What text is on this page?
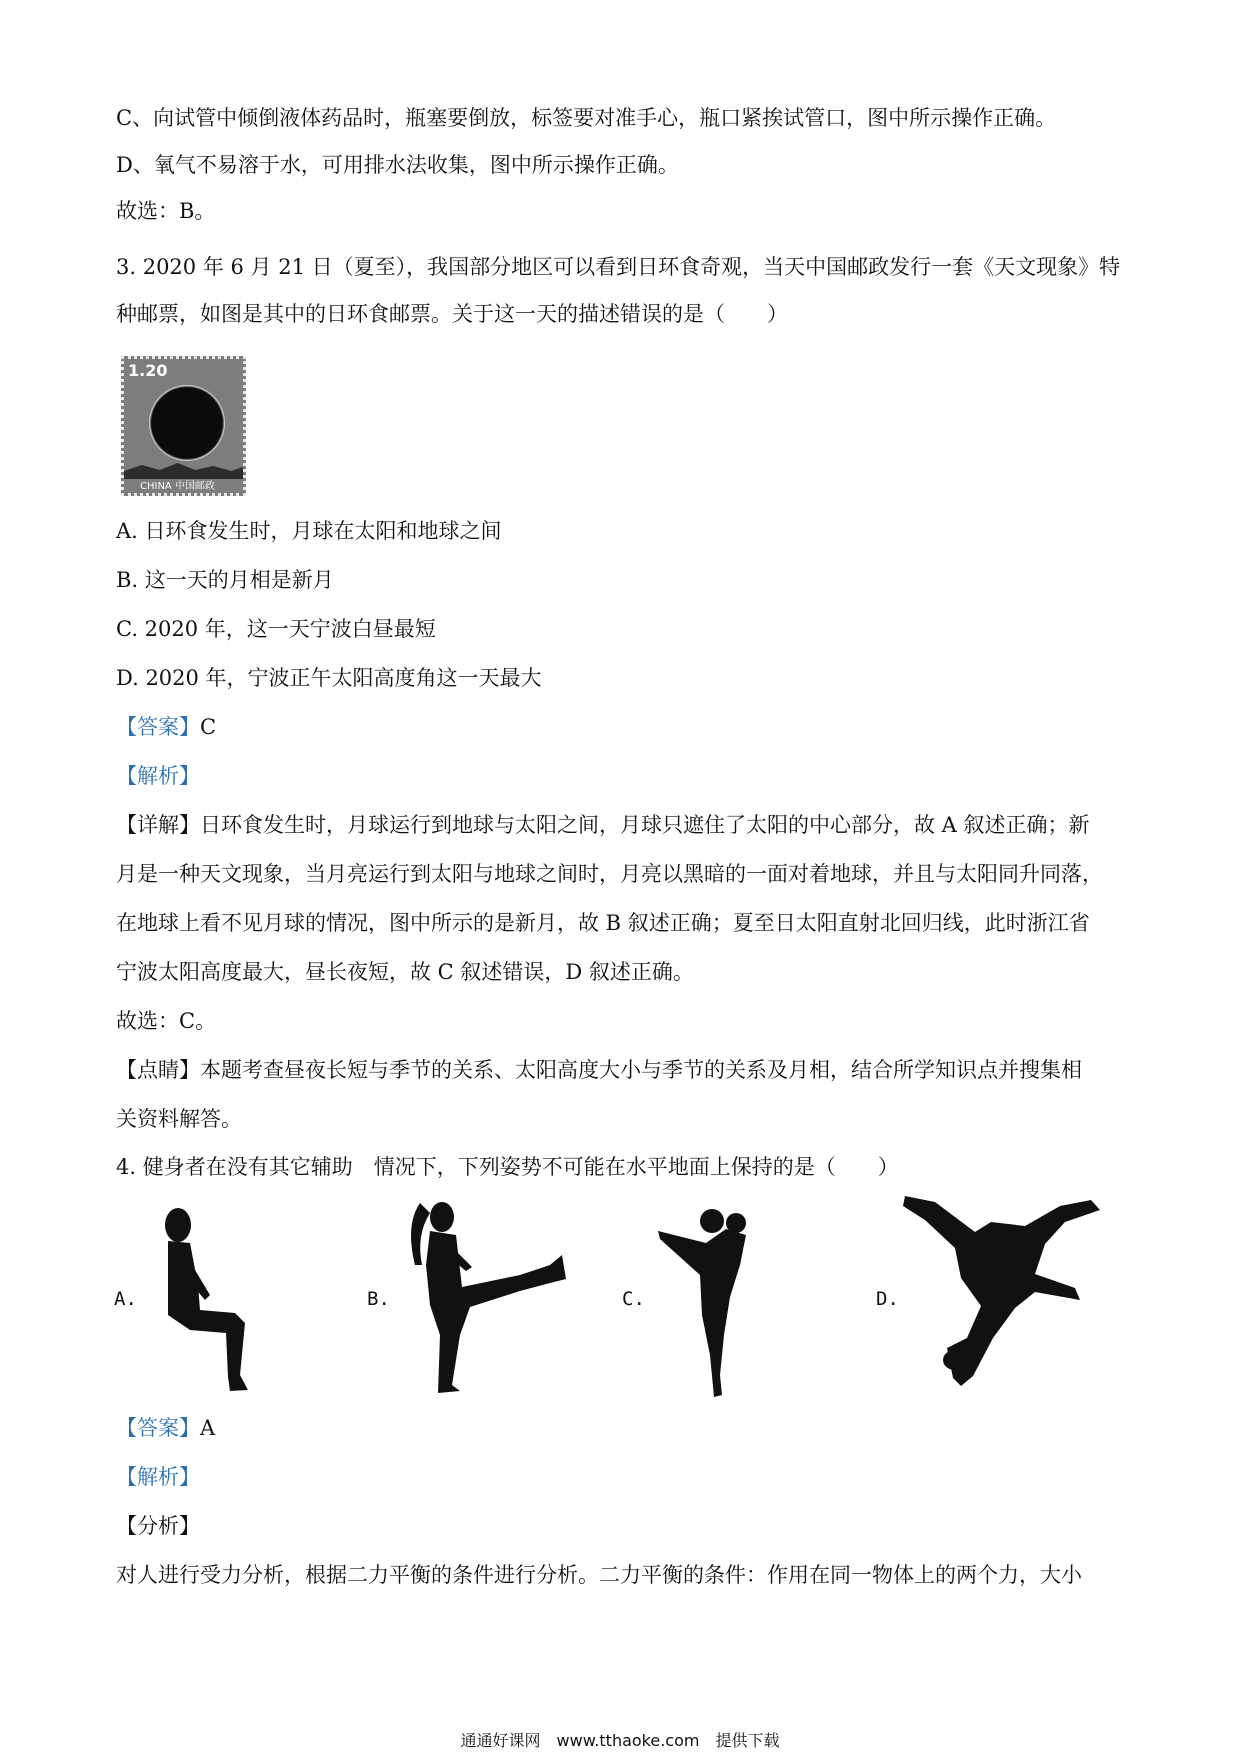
C、向试管中倾倒液体药品时，瓶塞要倒放，标签要对准手心，瓶口紧挨试管口，图中所示操作正确。
D、氧气不易溶于水，可用排水法收集，图中所示操作正确。
故选：B。
3. 2020 年 6 月 21 日（夏至），我国部分地区可以看到日环食奇观，当天中国邮政发行一套《天文现象》特
种邮票，如图是其中的日环食邮票。关于这一天的描述错误的是（　　）
1.20
CHINA 中国邮政
A. 日环食发生时，月球在太阳和地球之间
B. 这一天的月相是新月
C. 2020 年，这一天宁波白昼最短
D. 2020 年，宁波正午太阳高度角这一天最大
【答案】C
【解析】
【详解】日环食发生时，月球运行到地球与太阳之间，月球只遮住了太阳的中心部分，故 A 叙述正确；新
月是一种天文现象，当月亮运行到太阳与地球之间时，月亮以黑暗的一面对着地球，并且与太阳同升同落，
在地球上看不见月球的情况，图中所示的是新月，故 B 叙述正确；夏至日太阳直射北回归线，此时浙江省
宁波太阳高度最大，昼长夜短，故 C 叙述错误，D 叙述正确。
故选：C。
【点睛】本题考查昼夜长短与季节的关系、太阳高度大小与季节的关系及月相，结合所学知识点并搜集相
关资料解答。
4. 健身者在没有其它辅助　情况下，下列姿势不可能在水平地面上保持的是（　　）
A.	B.	C.	D.
【答案】A
【解析】
【分析】
对人进行受力分析，根据二力平衡的条件进行分析。二力平衡的条件：作用在同一物体上的两个力，大小
通通好课网　www.tthaoke.com　提供下载
